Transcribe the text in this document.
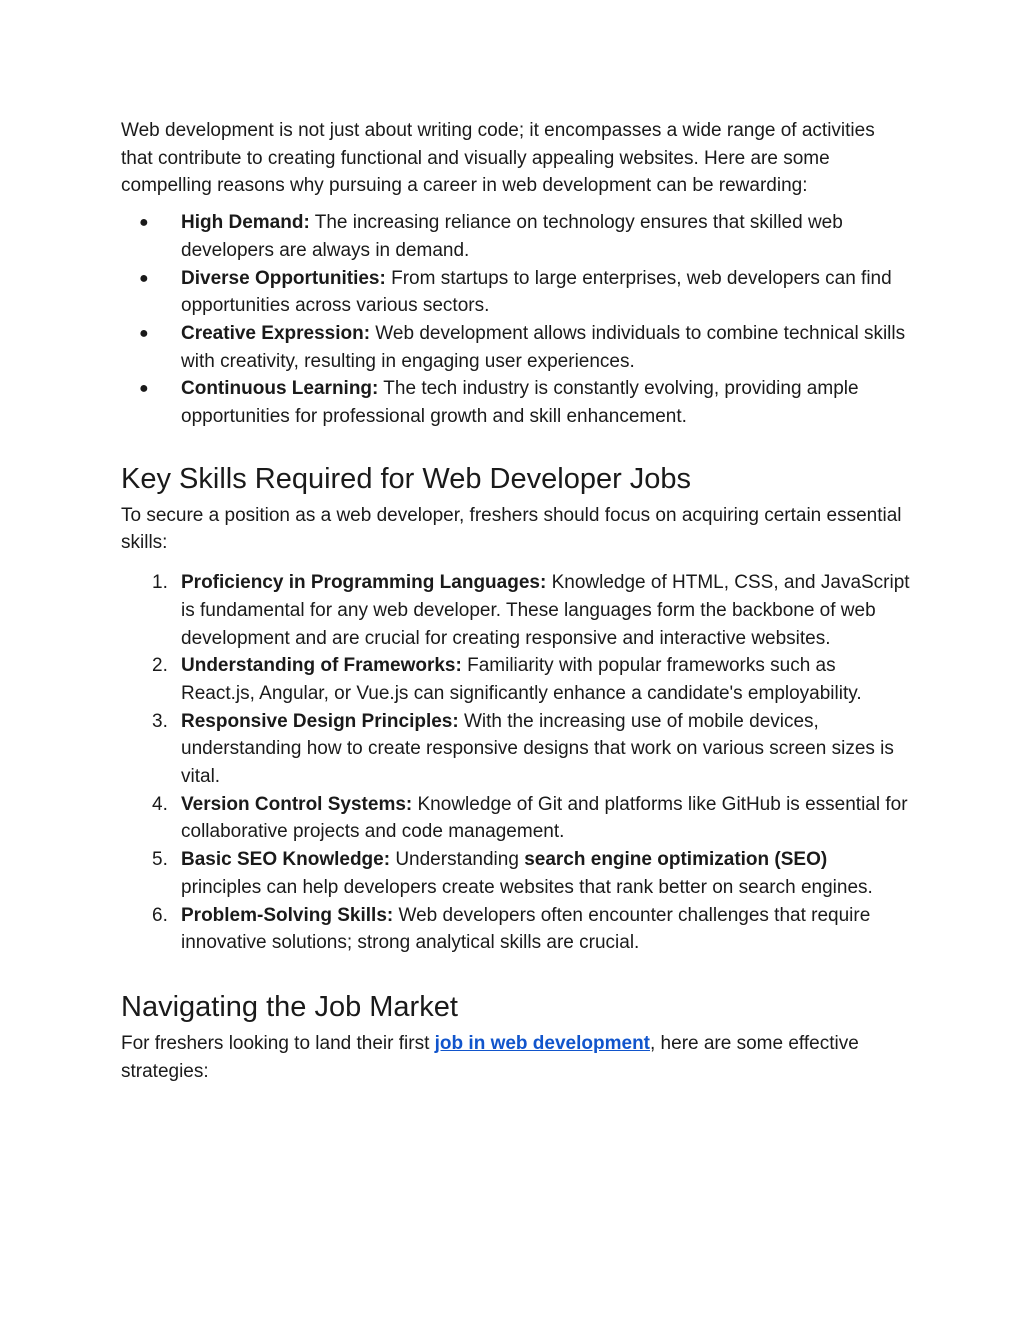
Web development is not just about writing code; it encompasses a wide range of activities that contribute to creating functional and visually appealing websites. Here are some compelling reasons why pursuing a career in web development can be rewarding:

● High Demand: The increasing reliance on technology ensures that skilled web developers are always in demand.
● Diverse Opportunities: From startups to large enterprises, web developers can find opportunities across various sectors.
● Creative Expression: Web development allows individuals to combine technical skills with creativity, resulting in engaging user experiences.
● Continuous Learning: The tech industry is constantly evolving, providing ample opportunities for professional growth and skill enhancement.
Key Skills Required for Web Developer Jobs

To secure a position as a web developer, freshers should focus on acquiring certain essential skills:

1. Proficiency in Programming Languages: Knowledge of HTML, CSS, and JavaScript is fundamental for any web developer. These languages form the backbone of web development and are crucial for creating responsive and interactive websites.
2. Understanding of Frameworks: Familiarity with popular frameworks such as React.js, Angular, or Vue.js can significantly enhance a candidate's employability.
3. Responsive Design Principles: With the increasing use of mobile devices, understanding how to create responsive designs that work on various screen sizes is vital.
4. Version Control Systems: Knowledge of Git and platforms like GitHub is essential for collaborative projects and code management.
5. Basic SEO Knowledge: Understanding search engine optimization (SEO) principles can help developers create websites that rank better on search engines.
6. Problem-Solving Skills: Web developers often encounter challenges that require innovative solutions; strong analytical skills are crucial.
Navigating the Job Market

For freshers looking to land their first job in web development, here are some effective strategies:
